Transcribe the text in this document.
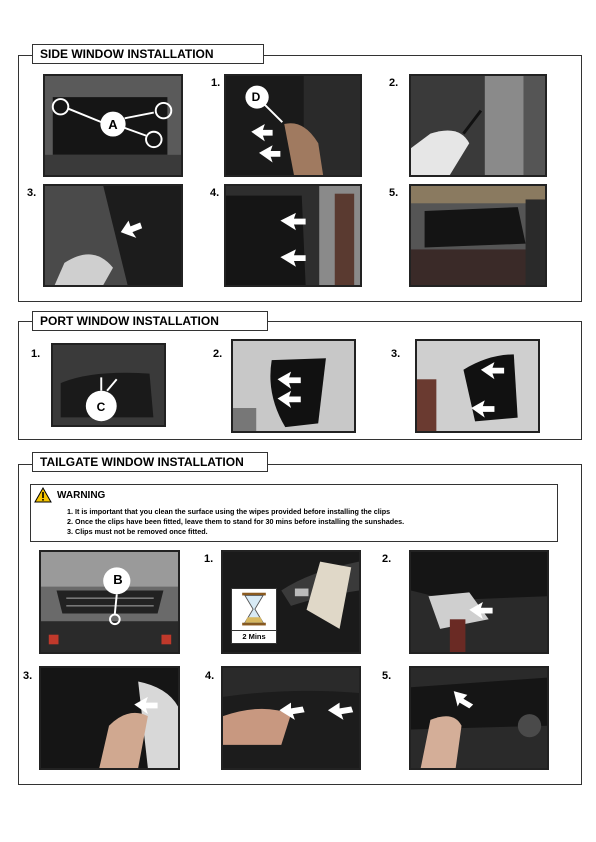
SIDE WINDOW INSTALLATION
A
1.
D
2.
3.	4.	5.
PORT WINDOW INSTALLATION
1.
C
2.	3.
TAILGATE WINDOW INSTALLATION
WARNING
1. It is important that you clean the surface using the wipes provided before installing the clips
2. Once the clips have been fitted, leave them to stand for 30 mins before installing the sunshades.
3. Clips must not be removed once fitted.
B
1.
2 Mins
2.
3.	4.	5.
